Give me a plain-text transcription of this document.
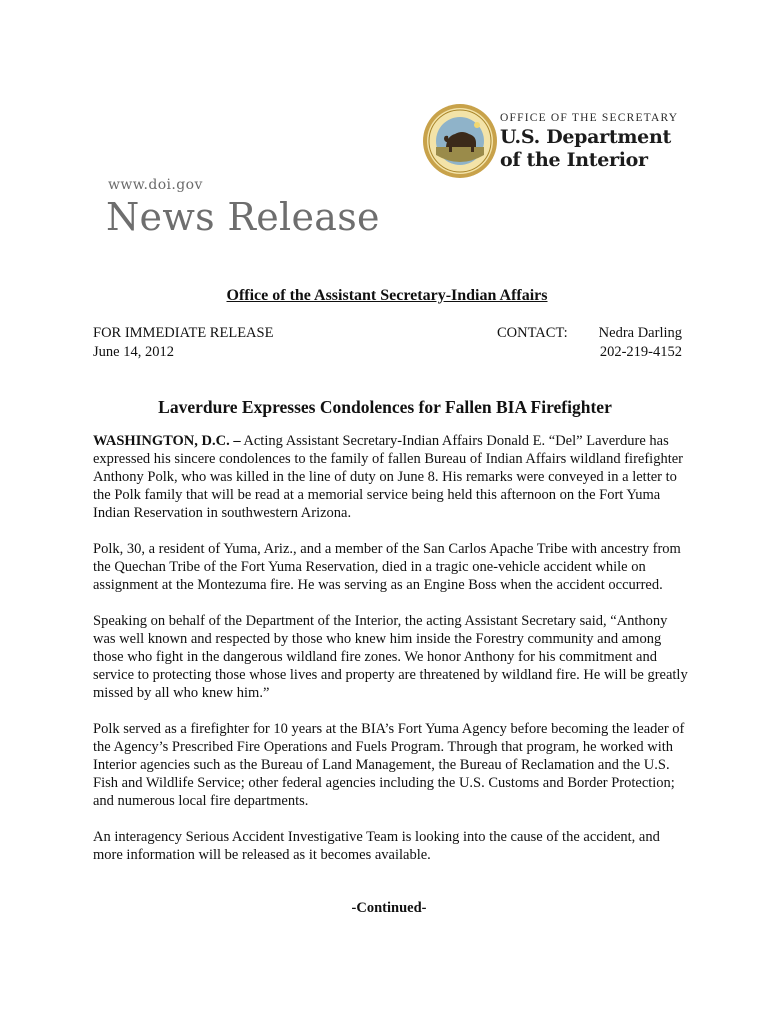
OFFICE OF THE SECRETARY
U.S. Department
of the Interior
www.doi.gov
News Release
Office of the Assistant Secretary-Indian Affairs
FOR IMMEDIATE RELEASE
June 14, 2012
CONTACT:	Nedra Darling
202-219-4152
Laverdure Expresses Condolences for Fallen BIA Firefighter

WASHINGTON, D.C. – Acting Assistant Secretary-Indian Affairs Donald E. “Del” Laverdure has expressed his sincere condolences to the family of fallen Bureau of Indian Affairs wildland firefighter Anthony Polk, who was killed in the line of duty on June 8. His remarks were conveyed in a letter to the Polk family that will be read at a memorial service being held this afternoon on the Fort Yuma Indian Reservation in southwestern Arizona.

Polk, 30, a resident of Yuma, Ariz., and a member of the San Carlos Apache Tribe with ancestry from the Quechan Tribe of the Fort Yuma Reservation, died in a tragic one-vehicle accident while on assignment at the Montezuma fire. He was serving as an Engine Boss when the accident occurred.

Speaking on behalf of the Department of the Interior, the acting Assistant Secretary said, “Anthony was well known and respected by those who knew him inside the Forestry community and among those who fight in the dangerous wildland fire zones. We honor Anthony for his commitment and service to protecting those whose lives and property are threatened by wildland fire. He will be greatly missed by all who knew him.”

Polk served as a firefighter for 10 years at the BIA’s Fort Yuma Agency before becoming the leader of the Agency’s Prescribed Fire Operations and Fuels Program. Through that program, he worked with Interior agencies such as the Bureau of Land Management, the Bureau of Reclamation and the U.S. Fish and Wildlife Service; other federal agencies including the U.S. Customs and Border Protection; and numerous local fire departments.

An interagency Serious Accident Investigative Team is looking into the cause of the accident, and more information will be released as it becomes available.

-Continued-
